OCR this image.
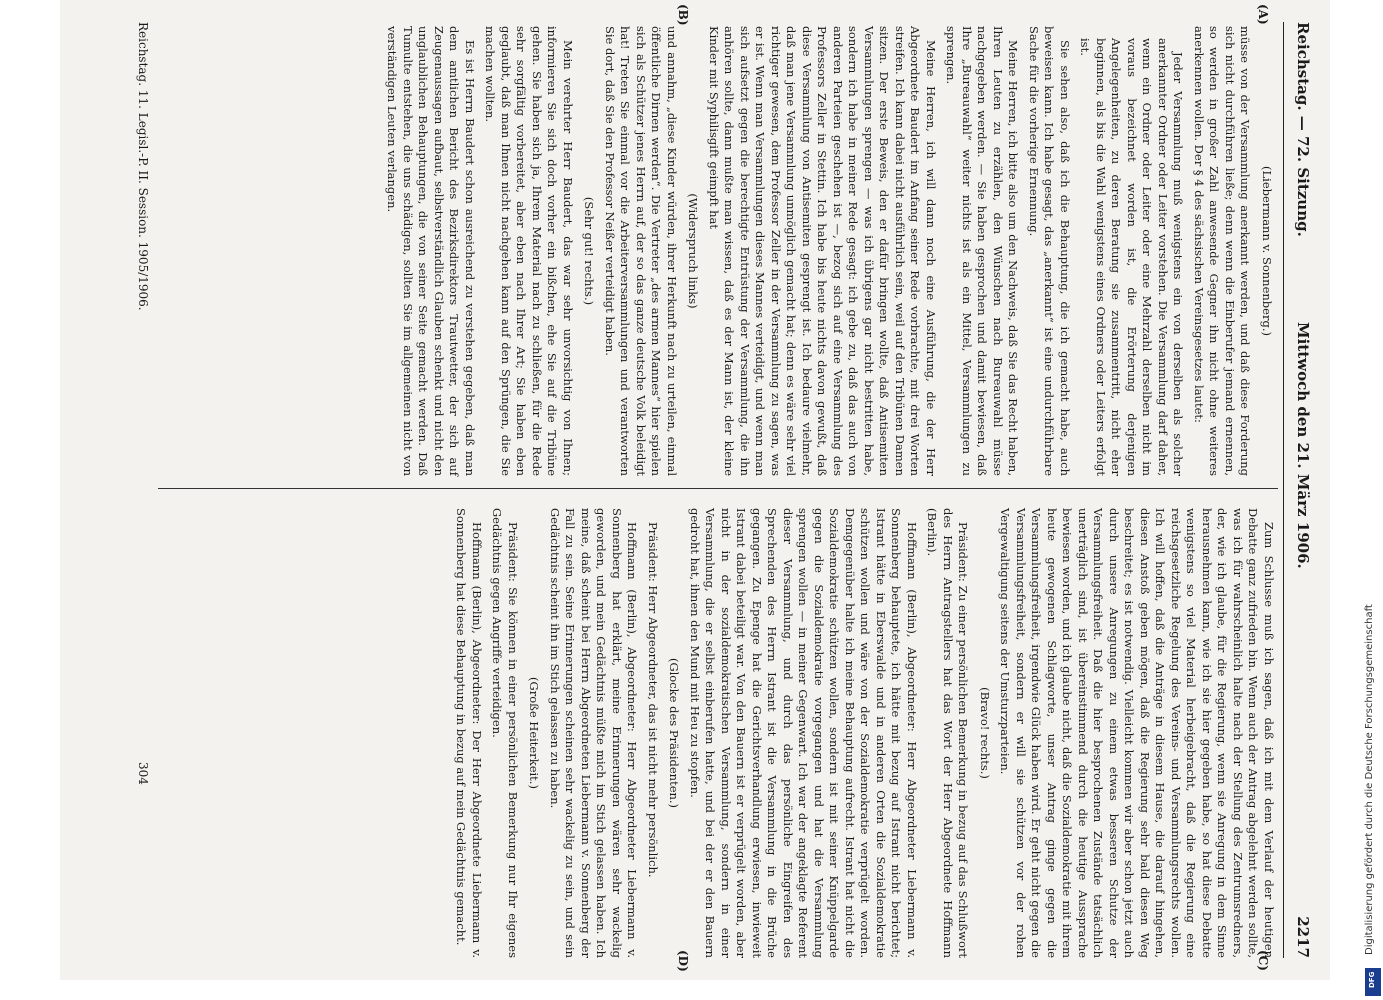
Reichstag. — 72. Sitzung.
Mittwoch den 21. März 1906.
2217
(A)
(B)
(C)
(D)

(Liebermann v. Sonnenberg.)

müsse von der Versammlung anerkannt werden, und daß diese Forderung sich nicht durchführen ließe; denn wenn die Einberufer jemand ernennen, so werden in großer Zahl anwesende Gegner ihn nicht ohne weiteres anerkennen wollen. Der § 4 des sächsischen Vereinsgesetzes lautet:

Jeder Versammlung muß wenigstens ein von derselben als solcher anerkannter Ordner oder Leiter vorstehen. Die Versammlung darf daher, wenn ein Ordner oder Leiter oder eine Mehrzahl derselben nicht im voraus bezeichnet worden ist, die Erörterung derjenigen Angelegenheiten, zu deren Beratung sie zusammentritt, nicht eher beginnen, als bis die Wahl wenigstens eines Ordners oder Leiters erfolgt ist.

Sie sehen also, daß ich die Behauptung, die ich gemacht habe, auch beweisen kann. Ich habe gesagt, das „anerkannt“ ist eine undurchführbare Sache für die vorherige Ernennung.

Meine Herren, ich bitte also um den Nachweis, daß Sie das Recht haben, Ihren Leuten zu erzählen, den Wünschen nach Bureauwahl müsse nachgegeben werden. — Sie haben gesprochen und damit bewiesen, daß Ihre „Bureauwahl“ weiter nichts ist als ein Mittel, Versammlungen zu sprengen.

Meine Herren, ich will dann noch eine Ausführung, die der Herr Abgeordnete Baudert im Anfang seiner Rede vorbrachte, mit drei Worten streifen. Ich kann dabei nicht ausführlich sein, weil auf den Tribünen Damen sitzen. Der erste Beweis, den er dafür bringen wollte, daß Antisemiten Versammlungen sprengen — was ich übrigens gar nicht bestritten habe, sondern ich habe in meiner Rede gesagt: ich gebe zu, daß das auch von anderen Parteien geschehen ist —, bezog sich auf eine Versammlung des Professors Zeller in Stettin. Ich habe bis heute nichts davon gewußt, daß diese Versammlung von Antisemiten gesprengt ist. Ich bedaure vielmehr, daß man jene Versammlung unmöglich gemacht hat; denn es wäre sehr viel richtiger gewesen, dem Professor Zeller in der Versammlung zu sagen, was er ist. Wenn man Versammlungen dieses Mannes verteidigt, und wenn man sich aufsetzt gegen die berechtigte Entrüstung der Versammlung, die ihn anhören sollte, dann mußte man wissen, daß es der Mann ist, der kleine Kinder mit Syphilisgift geimpft hat

(Widerspruch links)

und annahm, „diese Kinder würden, ihrer Herkunft nach zu urteilen, einmal öffentliche Dirnen werden“. Die Vertreter „des armen Mannes“ hier spielen sich als Schützer jenes Herrn auf, der so das ganze deutsche Volk beleidigt hat! Treten Sie einmal vor die Arbeiterversammlungen und verantworten Sie dort, daß Sie den Professor Neißer verteidigt haben.

(Sehr gut! rechts.)

Mein verehrter Herr Baudert, das war sehr unvorsichtig von Ihnen; informieren Sie sich doch vorher ein bißchen, ehe Sie auf die Tribüne gehen. Sie haben sich ja, Ihrem Material nach zu schließen, für die Rede sehr sorgfältig vorbereitet, aber eben nach Ihrer Art; Sie haben eben geglaubt, daß man Ihnen nicht nachgehen kann auf den Sprüngen, die Sie machen wollten.

Es ist Herrn Baudert schon ausreichend zu verstehen gegeben, daß man dem amtlichen Bericht des Bezirksdirektors Trautwetter, der sich auf Zeugenaussagen aufbaut, selbstverständlich Glauben schenkt und nicht den unglaublichen Behauptungen, die von seiner Seite gemacht werden. Daß Tumulte entstehen, die uns schädigen, sollten Sie im allgemeinen nicht von verständigen Leuten verlangen.

Zum Schlusse muß ich sagen, daß ich mit dem Verlauf der heutigen Debatte ganz zufrieden bin. Wenn auch der Antrag abgelehnt werden sollte, was ich für wahrscheinlich halte nach der Stellung des Zentrumsredners, der, wie ich glaube, für die Regierung, wenn sie Anregung in dem Sinne herausnehmen kann, wie ich sie hier gegeben habe, so hat diese Debatte wenigstens so viel Material herbeigebracht, daß die Regierung eine reichsgesetzliche Regelung des Vereins- und Versammlungsrechts wollen. Ich will hoffen, daß die Anträge in diesem Hause, die darauf hingehen, diesen Anstoß geben mögen, daß die Regierung sehr bald diesen Weg beschreitet; es ist notwendig. Vielleicht kommen wir aber schon jetzt auch durch unsere Anregungen zu einem etwas besseren Schutze der Versammlungsfreiheit. Daß die hier besprochenen Zustände tatsächlich unerträglich sind, ist übereinstimmend durch die heutige Aussprache bewiesen worden, und ich glaube nicht, daß die Sozialdemokratie mit ihrem heute gewogenen Schlagworte, unser Antrag ginge gegen die Versammlungsfreiheit, irgendwie Glück haben wird. Er geht nicht gegen die Versammlungsfreiheit, sondern er will sie schützen vor der rohen Vergewaltigung seitens der Umsturzparteien.

(Bravo! rechts.)

Präsident: Zu einer persönlichen Bemerkung in bezug auf das Schlußwort des Herrn Antragstellers hat das Wort der Herr Abgeordnete Hoffmann (Berlin).

Hoffmann (Berlin), Abgeordneter: Herr Abgeordneter Liebermann v. Sonnenberg behauptete, ich hätte mit bezug auf Istrant nicht berichtet; Istrant hätte in Eberswalde und in anderen Orten die Sozialdemokratie schützen wollen und wäre von der Sozialdemokratie verprügelt worden. Demgegenüber halte ich meine Behauptung aufrecht. Istrant hat nicht die Sozialdemokratie schützen wollen, sondern ist mit seiner Knüppelgarde gegen die Sozialdemokratie vorgegangen und hat die Versammlung sprengen wollen — in meiner Gegenwart. Ich war der angeklagte Referent dieser Versammlung, und durch das persönliche Eingreifen des Sprechenden des Herrn Istrant ist die Versammlung in die Brüche gegangen. Zu Epenge hat die Gerichtsverhandlung erwiesen, inwieweit Istrant dabei beteiligt war. Von den Bauern ist er verprügelt worden, aber nicht in der sozialdemokratischen Versammlung, sondern in einer Versammlung, die er selbst einberufen hatte, und bei der er den Bauern gedroht hat, ihnen den Mund mit Heu zu stopfen.

(Glocke des Präsidenten.)

Präsident: Herr Abgeordneter, das ist nicht mehr persönlich.

Hoffmann (Berlin), Abgeordneter: Herr Abgeordneter Liebermann v. Sonnenberg hat erklärt, meine Erinnerungen wären sehr wackelig geworden, und mein Gedächtnis müßte mich im Stich gelassen haben. Ich meine, daß scheint bei Herrn Abgeordneten Liebermann v. Sonnenberg der Fall zu sein. Seine Erinnerungen scheinen sehr wackelig zu sein, und sein Gedächtnis scheint ihn im Stich gelassen zu haben.

(Große Heiterkeit.)

Präsident: Sie können in einer persönlichen Bemerkung nur Ihr eigenes Gedächtnis gegen Angriffe verteidigen.

Hoffmann (Berlin), Abgeordneter: Der Herr Abgeordnete Liebermann v. Sonnenberg hat diese Behauptung in bezug auf mein Gedächtnis gemacht.

Reichstag. 11. Legisl.-P. II. Session. 1905/1906.
304	Digitalisierung gefördert durch die Deutsche Forschungsgemeinschaft
DFG
